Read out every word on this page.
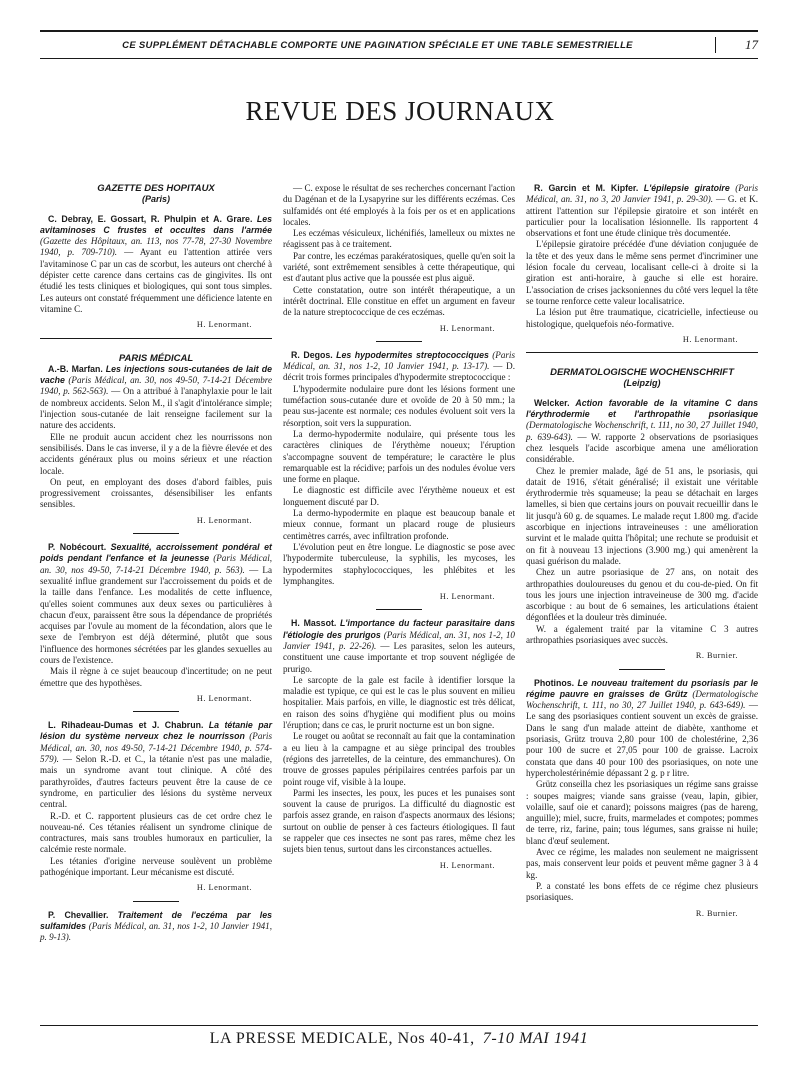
CE SUPPLÉMENT DÉTACHABLE COMPORTE UNE PAGINATION SPÉCIALE ET UNE TABLE SEMESTRIELLE	17
REVUE DES JOURNAUX
GAZETTE DES HOPITAUX
(Paris)

C. Debray, E. Gossart, R. Phulpin et A. Grare. Les avitaminoses C frustes et occultes dans l'armée (Gazette des Hôpitaux, an. 113, nos 77-78, 27-30 Novembre 1940, p. 709-710). — Ayant eu l'attention attirée vers l'avitaminose C par un cas de scorbut, les auteurs ont cherché à dépister cette carence dans certains cas de gingivites. Ils ont étudié les tests cliniques et biologiques, qui sont tous simples. Les auteurs ont constaté fréquemment une déficience latente en vitamine C.

H. Lenormant.
PARIS MÉDICAL

A.-B. Marfan. Les injections sous-cutanées de lait de vache (Paris Médical, an. 30, nos 49-50, 7-14-21 Décembre 1940, p. 562-563). — On a attribué à l'anaphylaxie pour le lait de nombreux accidents. Selon M., il s'agit d'intolérance simple; l'injection sous-cutanée de lait renseigne facilement sur la nature des accidents.

Elle ne produit aucun accident chez les nourrissons non sensibilisés. Dans le cas inverse, il y a de la fièvre élevée et des accidents généraux plus ou moins sérieux et une réaction locale.

On peut, en employant des doses d'abord faibles, puis progressivement croissantes, désensibiliser les enfants sensibles.

H. Lenormant.

P. Nobécourt. Sexualité, accroissement pondéral et poids pendant l'enfance et la jeunesse (Paris Médical, an. 30, nos 49-50, 7-14-21 Décembre 1940, p. 563). — La sexualité influe grandement sur l'accroissement du poids et de la taille dans l'enfance. Les modalités de cette influence, qu'elles soient communes aux deux sexes ou particulières à chacun d'eux, paraissent être sous la dépendance de propriétés acquises par l'ovule au moment de la fécondation, alors que le sexe de l'embryon est déjà déterminé, plutôt que sous l'influence des hormones sécrétées par les glandes sexuelles au cours de l'existence.

Mais il règne à ce sujet beaucoup d'incertitude; on ne peut émettre que des hypothèses.

H. Lenormant.

L. Rihadeau-Dumas et J. Chabrun. La tétanie par lésion du système nerveux chez le nourrisson (Paris Médical, an. 30, nos 49-50, 7-14-21 Décembre 1940, p. 574-579). — Selon R.-D. et C., la tétanie n'est pas une maladie, mais un syndrome avant tout clinique. A côté des parathyroïdes, d'autres facteurs peuvent être la cause de ce syndrome, en particulier des lésions du système nerveux central.

R.-D. et C. rapportent plusieurs cas de cet ordre chez le nouveau-né. Ces tétanies réalisent un syndrome clinique de contractures, mais sans troubles humoraux en particulier, la calcémie reste normale.

Les tétanies d'origine nerveuse soulèvent un problème pathogénique important. Leur mécanisme est discuté.

H. Lenormant.

P. Chevallier. Traitement de l'eczéma par les sulfamides (Paris Médical, an. 31, nos 1-2, 10 Janvier 1941, p. 9-13).

— C. expose le résultat de ses recherches concernant l'action du Dagénan et de la Lysapyrine sur les différents eczémas. Ces sulfamidés ont été employés à la fois per os et en applications locales.

Les eczémas vésiculeux, lichénifiés, lamelleux ou mixtes ne réagissent pas à ce traitement.

Par contre, les eczémas parakératosiques, quelle qu'en soit la variété, sont extrêmement sensibles à cette thérapeutique, qui est d'autant plus active que la poussée est plus aiguë.

Cette constatation, outre son intérêt thérapeutique, a un intérêt doctrinal. Elle constitue en effet un argument en faveur de la nature streptococcique de ces eczémas.

H. Lenormant.

R. Degos. Les hypodermites streptococciques (Paris Médical, an. 31, nos 1-2, 10 Janvier 1941, p. 13-17). — D. décrit trois formes principales d'hypodermite streptococcique :

L'hypodermite nodulaire pure dont les lésions forment une tuméfaction sous-cutanée dure et ovoïde de 20 à 50 mm.; la peau sus-jacente est normale; ces nodules évoluent soit vers la résorption, soit vers la suppuration.

La dermo-hypodermite nodulaire, qui présente tous les caractères cliniques de l'érythème noueux; l'éruption s'accompagne souvent de température; le caractère le plus remarquable est la récidive; parfois un des nodules évolue vers une forme en plaque.

Le diagnostic est difficile avec l'érythème noueux et est longuement discuté par D.

La dermo-hypodermite en plaque est beaucoup banale et mieux connue, formant un placard rouge de plusieurs centimètres carrés, avec infiltration profonde.

L'évolution peut en être longue. Le diagnostic se pose avec l'hypodermite tuberculeuse, la syphilis, les mycoses, les hypodermites staphylococciques, les phlébites et les lymphangites.

H. Lenormant.

H. Massot. L'importance du facteur parasitaire dans l'étiologie des prurigos (Paris Médical, an. 31, nos 1-2, 10 Janvier 1941, p. 22-26). — Les parasites, selon les auteurs, constituent une cause importante et trop souvent négligée de prurigo.

Le sarcopte de la gale est facile à identifier lorsque la maladie est typique, ce qui est le cas le plus souvent en milieu hospitalier. Mais parfois, en ville, le diagnostic est très délicat, en raison des soins d'hygiène qui modifient plus ou moins l'éruption; dans ce cas, le prurit nocturne est un bon signe.

Le rouget ou aoûtat se reconnaît au fait que la contamination a eu lieu à la campagne et au siège principal des troubles (régions des jarretelles, de la ceinture, des emmanchures). On trouve de grosses papules péripilaires centrées parfois par un point rouge vif, visible à la loupe.

Parmi les insectes, les poux, les puces et les punaises sont souvent la cause de prurigos. La difficulté du diagnostic est parfois assez grande, en raison d'aspects anormaux des lésions; surtout on oublie de penser à ces facteurs étiologiques. Il faut se rappeler que ces insectes ne sont pas rares, même chez les sujets bien tenus, surtout dans les circonstances actuelles.

H. Lenormant.

R. Garcin et M. Kipfer. L'épilepsie giratoire (Paris Médical, an. 31, no 3, 20 Janvier 1941, p. 29-30). — G. et K. attirent l'attention sur l'épilepsie giratoire et son intérêt en particulier pour la localisation lésionnelle. Ils rapportent 4 observations et font une étude clinique très documentée.

L'épilepsie giratoire précédée d'une déviation conjuguée de la tête et des yeux dans le même sens permet d'incriminer une lésion focale du cerveau, localisant celle-ci à droite si la giration est anti-horaire, à gauche si elle est horaire. L'association de crises jacksoniennes du côté vers lequel la tête se tourne renforce cette valeur localisatrice.

La lésion put être traumatique, cicatricielle, infectieuse ou histologique, quelquefois néo-formative.

H. Lenormant.
DERMATOLOGISCHE WOCHENSCHRIFT
(Leipzig)

Welcker. Action favorable de la vitamine C dans l'érythrodermie et l'arthropathie psoriasique (Dermatologische Wochenschrift, t. 111, no 30, 27 Juillet 1940, p. 639-643). — W. rapporte 2 observations de psoriasiques chez lesquels l'acide ascorbique amena une amélioration considérable.

Chez le premier malade, âgé de 51 ans, le psoriasis, qui datait de 1916, s'était généralisé; il existait une véritable érythrodermie très squameuse; la peau se détachait en larges lamelles, si bien que certains jours on pouvait recueillir dans le lit jusqu'à 60 g. de squames. Le malade reçut 1.800 mg. d'acide ascorbique en injections intraveineuses : une amélioration survint et le malade quitta l'hôpital; une rechute se produisit et on fit à nouveau 13 injections (3.900 mg.) qui amenèrent la quasi guérison du malade.

Chez un autre psoriasique de 27 ans, on notait des arthropathies douloureuses du genou et du cou-de-pied. On fit tous les jours une injection intraveineuse de 300 mg. d'acide ascorbique : au bout de 6 semaines, les articulations étaient dégonflées et la douleur très diminuée.

W. a également traité par la vitamine C 3 autres arthropathies psoriasiques avec succès.

R. Burnier.

Photinos. Le nouveau traitement du psoriasis par le régime pauvre en graisses de Grütz (Dermatologische Wochenschrift, t. 111, no 30, 27 Juillet 1940, p. 643-649). — Le sang des psoriasiques contient souvent un excès de graisse. Dans le sang d'un malade atteint de diabète, xanthome et psoriasis, Grütz trouva 2,80 pour 100 de cholestérine, 2,36 pour 100 de sucre et 27,05 pour 100 de graisse. Lacroix constata que dans 40 pour 100 des psoriasiques, on note une hypercholestérinémie dépassant 2 g. p r litre.

Grütz conseilla chez les psoriasiques un régime sans graisse : soupes maigres; viande sans graisse (veau, lapin, gibier, volaille, sauf oie et canard); poissons maigres (pas de hareng, anguille); miel, sucre, fruits, marmelades et compotes; pommes de terre, riz, farine, pain; tous légumes, sans graisse ni huile; blanc d'œuf seulement.

Avec ce régime, les malades non seulement ne maigrissent pas, mais conservent leur poids et peuvent même gagner 3 à 4 kg.

P. a constaté les bons effets de ce régime chez plusieurs psoriasiques.

R. Burnier.
LA PRESSE MEDICALE, Nos 40-41, 7-10 MAI 1941
